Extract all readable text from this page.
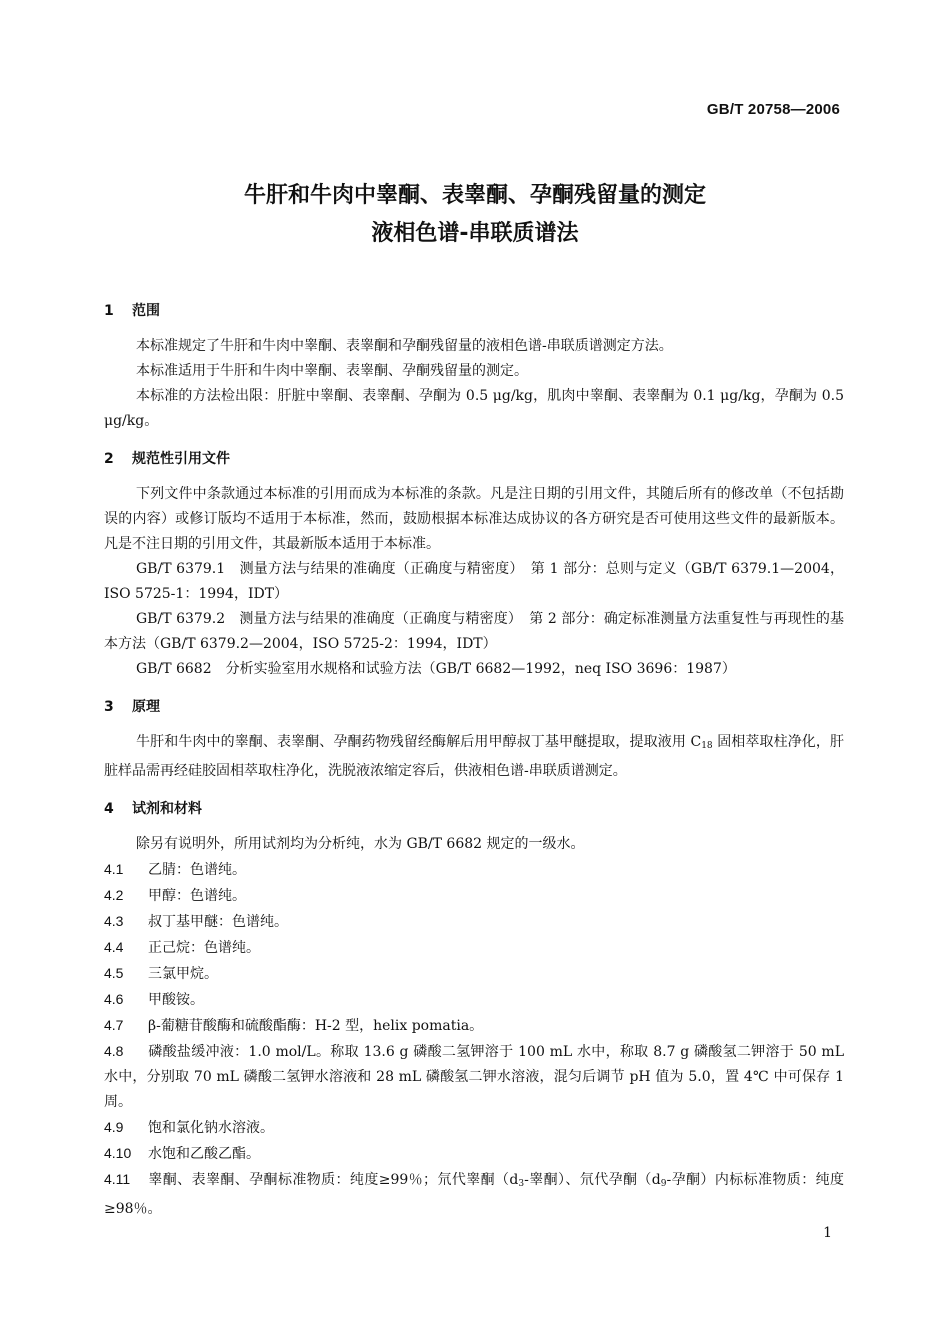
GB/T 20758—2006
牛肝和牛肉中睾酮、表睾酮、孕酮残留量的测定
液相色谱-串联质谱法
1 范围

本标准规定了牛肝和牛肉中睾酮、表睾酮和孕酮残留量的液相色谱-串联质谱测定方法。

本标准适用于牛肝和牛肉中睾酮、表睾酮、孕酮残留量的测定。

本标准的方法检出限：肝脏中睾酮、表睾酮、孕酮为 0.5 μg/kg，肌肉中睾酮、表睾酮为 0.1 μg/kg，孕酮为 0.5 μg/kg。

2 规范性引用文件

下列文件中条款通过本标准的引用而成为本标准的条款。凡是注日期的引用文件，其随后所有的修改单（不包括勘误的内容）或修订版均不适用于本标准，然而，鼓励根据本标准达成协议的各方研究是否可使用这些文件的最新版本。凡是不注日期的引用文件，其最新版本适用于本标准。

GB/T 6379.1　测量方法与结果的准确度（正确度与精密度）　第 1 部分：总则与定义（GB/T 6379.1—2004，ISO 5725-1：1994，IDT）

GB/T 6379.2　测量方法与结果的准确度（正确度与精密度）　第 2 部分：确定标准测量方法重复性与再现性的基本方法（GB/T 6379.2—2004，ISO 5725-2：1994，IDT）

GB/T 6682　分析实验室用水规格和试验方法（GB/T 6682—1992，neq ISO 3696：1987）

3 原理

牛肝和牛肉中的睾酮、表睾酮、孕酮药物残留经酶解后用甲醇叔丁基甲醚提取，提取液用 $C_{18}$ 固相萃取柱净化，肝脏样品需再经硅胶固相萃取柱净化，洗脱液浓缩定容后，供液相色谱-串联质谱测定。

4 试剂和材料

除另有说明外，所用试剂均为分析纯，水为 GB/T 6682 规定的一级水。

4.1 乙腈：色谱纯。

4.2 甲醇：色谱纯。

4.3 叔丁基甲醚：色谱纯。

4.4 正己烷：色谱纯。

4.5 三氯甲烷。

4.6 甲酸铵。

4.7 β-葡糖苷酸酶和硫酸酯酶：H-2 型，helix pomatia。

4.8 磷酸盐缓冲液：1.0 mol/L。称取 13.6 g 磷酸二氢钾溶于 100 mL 水中，称取 8.7 g 磷酸氢二钾溶于 50 mL 水中，分别取 70 mL 磷酸二氢钾水溶液和 28 mL 磷酸氢二钾水溶液，混匀后调节 pH 值为 5.0，置 4℃ 中可保存 1 周。

4.9 饱和氯化钠水溶液。

4.10 水饱和乙酸乙酯。

4.11 睾酮、表睾酮、孕酮标准物质：纯度≥99％；氘代睾酮（$d_3-$睾酮）、氘代孕酮（$d_9-$孕酮）内标标准物质：纯度≥98％。

1
